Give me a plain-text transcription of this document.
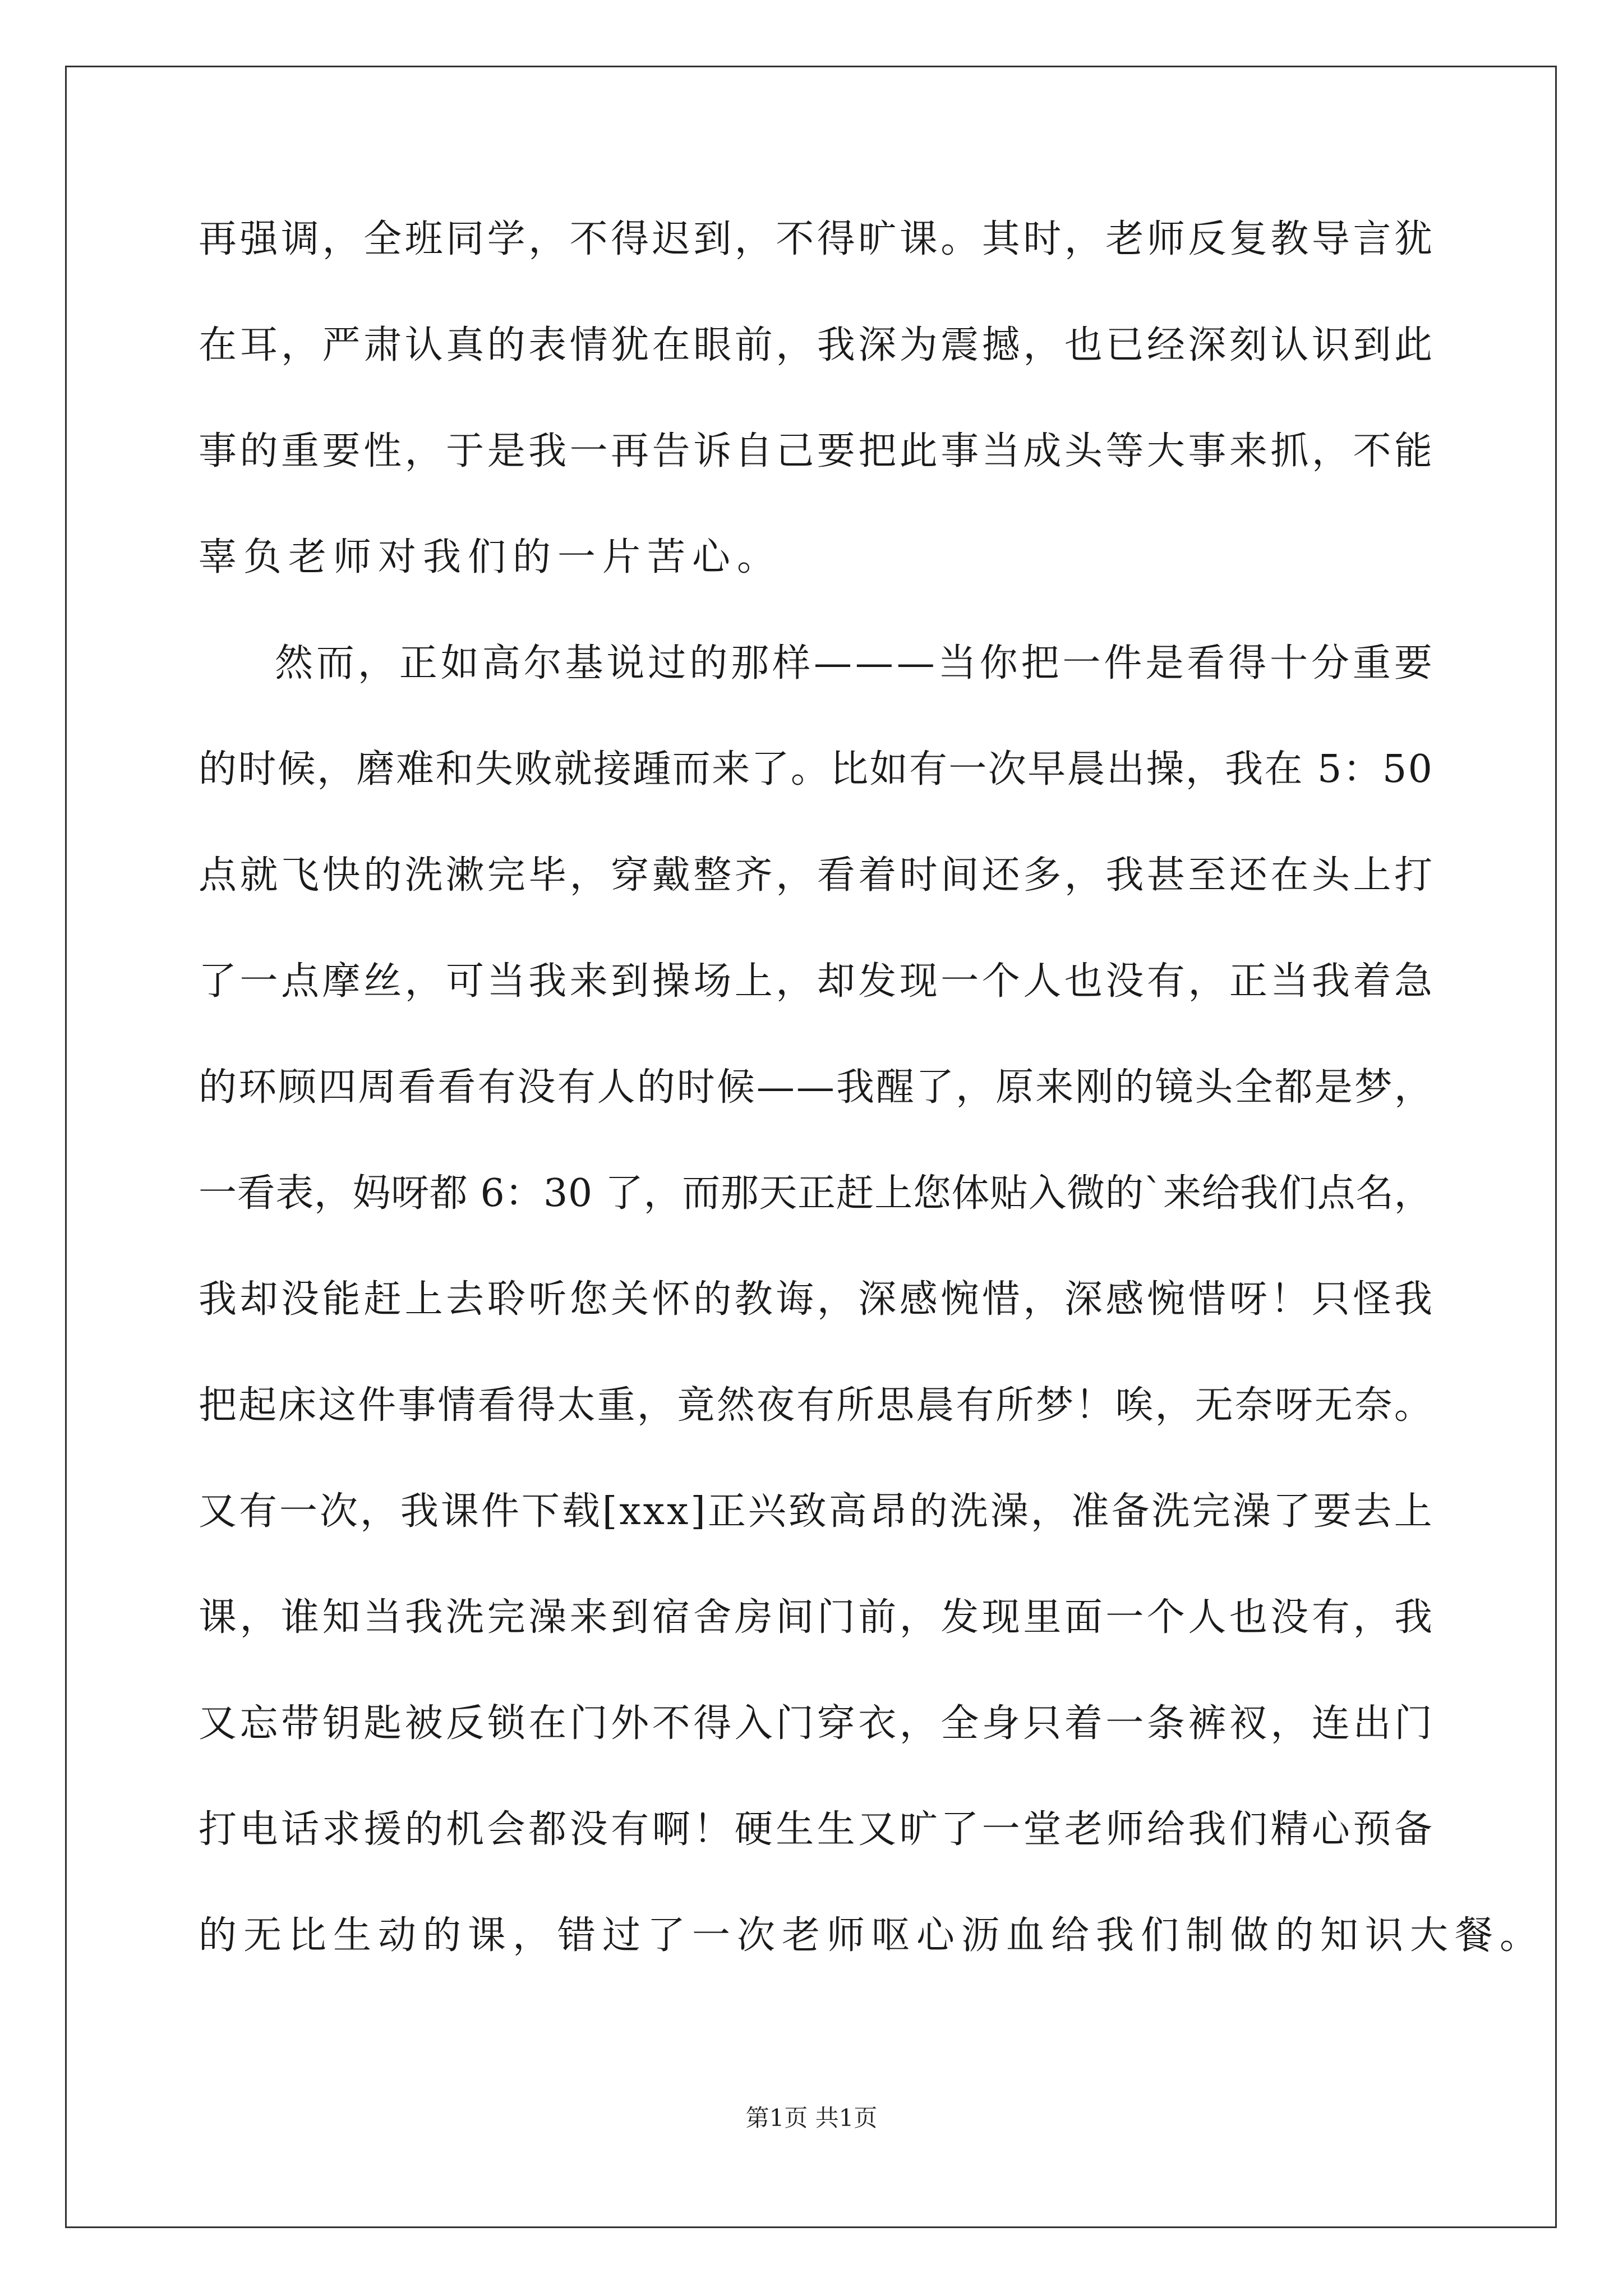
再 强 调 ， 全 班 同 学 ， 不 得 迟 到 ， 不 得 旷 课 。 其 时 ， 老 师 反 复 教 导 言 犹
在 耳 ， 严 肃 认 真 的 表 情 犹 在 眼 前 ， 我 深 为 震 撼 ， 也 已 经 深 刻 认 识 到 此
事 的 重 要 性 ， 于 是 我 一 再 告 诉 自 己 要 把 此 事 当 成 头 等 大 事 来 抓 ， 不 能
辜负老师对我们的一片苦心。
然 而 ， 正 如 高 尔 基 说 过 的 那 样 — — — 当 你 把 一 件 是 看 得 十 分 重 要
的 时 候 ， 磨 难 和 失 败 就 接 踵 而 来 了 。 比 如 有 一 次 早 晨 出 操 ， 我 在
5 ： 5 0
点 就 飞 快 的 洗 漱 完 毕 ， 穿 戴 整 齐 ， 看 着 时 间 还 多 ， 我 甚 至 还 在 头 上 打
了 一 点 摩 丝 ， 可 当 我 来 到 操 场 上 ， 却 发 现 一 个 人 也 没 有 ， 正 当 我 着 急
的 环 顾 四 周 看 看 有 没 有 人 的 时 候 — — 我 醒 了 ， 原 来 刚 的 镜 头 全 都 是 梦 ，
一 看 表 ， 妈 呀 都
6 ： 3 0
了 ， 而 那 天 正 赶 上 您 体 贴 入 微 的 ` 来 给 我 们 点 名 ，
我 却 没 能 赶 上 去 聆 听 您 关 怀 的 教 诲 ， 深 感 惋 惜 ， 深 感 惋 惜 呀 ！ 只 怪 我
把 起 床 这 件 事 情 看 得 太 重 ， 竟 然 夜 有 所 思 晨 有 所 梦 ！ 唉 ， 无 奈 呀 无 奈 。
又 有 一 次 ， 我 课 件 下 载 [ x x x ] 正 兴 致 高 昂 的 洗 澡 ， 准 备 洗 完 澡 了 要 去 上
课 ， 谁 知 当 我 洗 完 澡 来 到 宿 舍 房 间 门 前 ， 发 现 里 面 一 个 人 也 没 有 ， 我
又 忘 带 钥 匙 被 反 锁 在 门 外 不 得 入 门 穿 衣 ， 全 身 只 着 一 条 裤 衩 ， 连 出 门
打 电 话 求 援 的 机 会 都 没 有 啊 ！ 硬 生 生 又 旷 了 一 堂 老 师 给 我 们 精 心 预 备
的无比生动的课，错过了一次老师呕心沥血给我们制做的知识大餐。
第1页 共1页
